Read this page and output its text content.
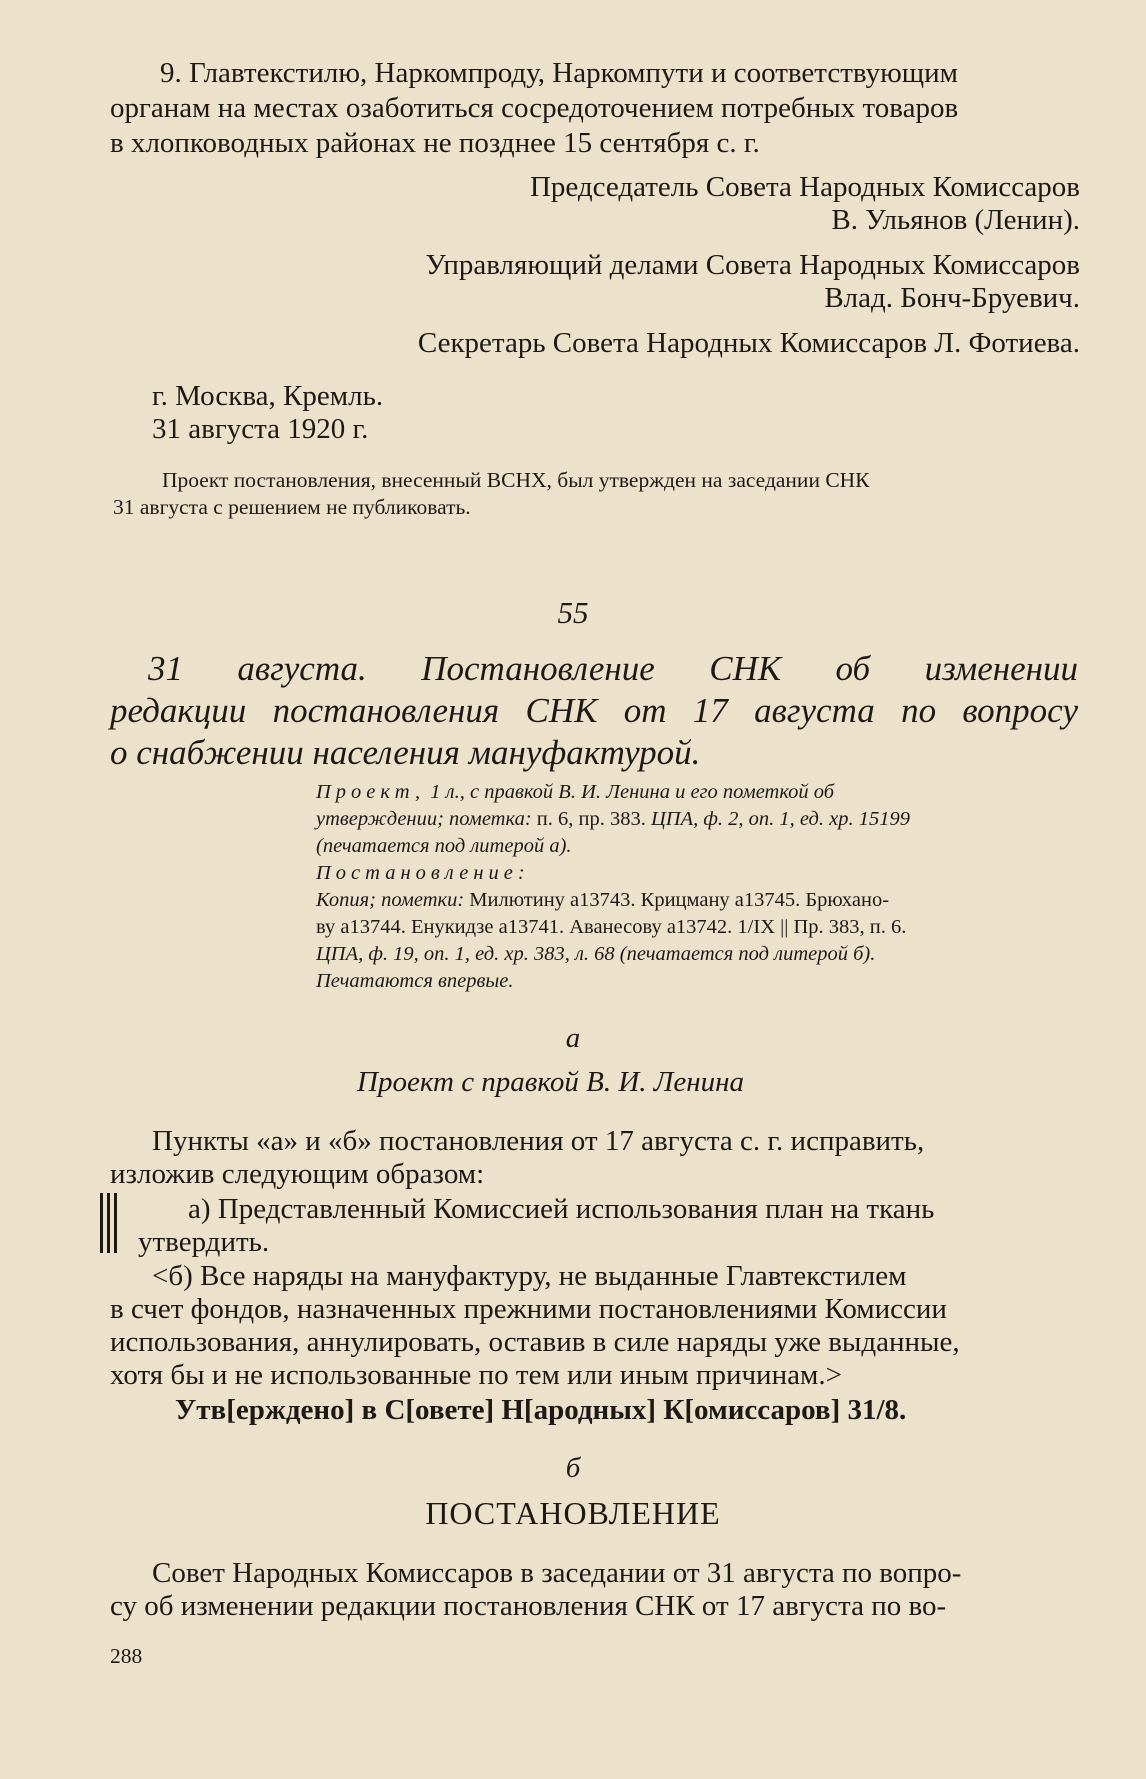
9. Главтекстилю, Наркомпроду, Наркомпути и соответствующим

органам на местах озаботиться сосредоточением потребных товаров

в хлопководных районах не позднее 15 сентября с. г.

Председатель Совета Народных Комиссаров

В. Ульянов (Ленин).

Управляющий делами Совета Народных Комиссаров

Влад. Бонч-Бруевич.

Секретарь Совета Народных Комиссаров Л. Фотиева.

г. Москва, Кремль.

31 августа 1920 г.

Проект постановления, внесенный ВСНХ, был утвержден на заседании СНК

31 августа с решением не публиковать.

55

31 августа. Постановление СНК об изменении

редакции постановления СНК от 17 августа по вопросу

о снабжении населения мануфактурой.

Проект, 1 л., с правкой В. И. Ленина и его пометкой об

утверждении; пометка: п. 6, пр. 383. ЦПА, ф. 2, оп. 1, ед. хр. 15199

(печатается под литерой а).

Постановление:

Копия; пометки: Милютину а13743. Крицману а13745. Брюхано-

ву а13744. Енукидзе а13741. Аванесову а13742. 1/IX || Пр. 383, п. 6.

ЦПА, ф. 19, оп. 1, ед. хр. 383, л. 68 (печатается под литерой б).

Печатаются впервые.

а

Проект с правкой В. И. Ленина

Пункты «а» и «б» постановления от 17 августа с. г. исправить,

изложив следующим образом:

а) Представленный Комиссией использования план на ткань

утвердить.

<б) Все наряды на мануфактуру, не выданные Главтекстилем

в счет фондов, назначенных прежними постановлениями Комиссии

использования, аннулировать, оставив в силе наряды уже выданные,

хотя бы и не использованные по тем или иным причинам.>

Утв[ерждено] в С[овете] Н[ародных] К[омиссаров] 31/8.

б

ПОСТАНОВЛЕНИЕ

Совет Народных Комиссаров в заседании от 31 августа по вопро-

су об изменении редакции постановления СНК от 17 августа по во-

288
